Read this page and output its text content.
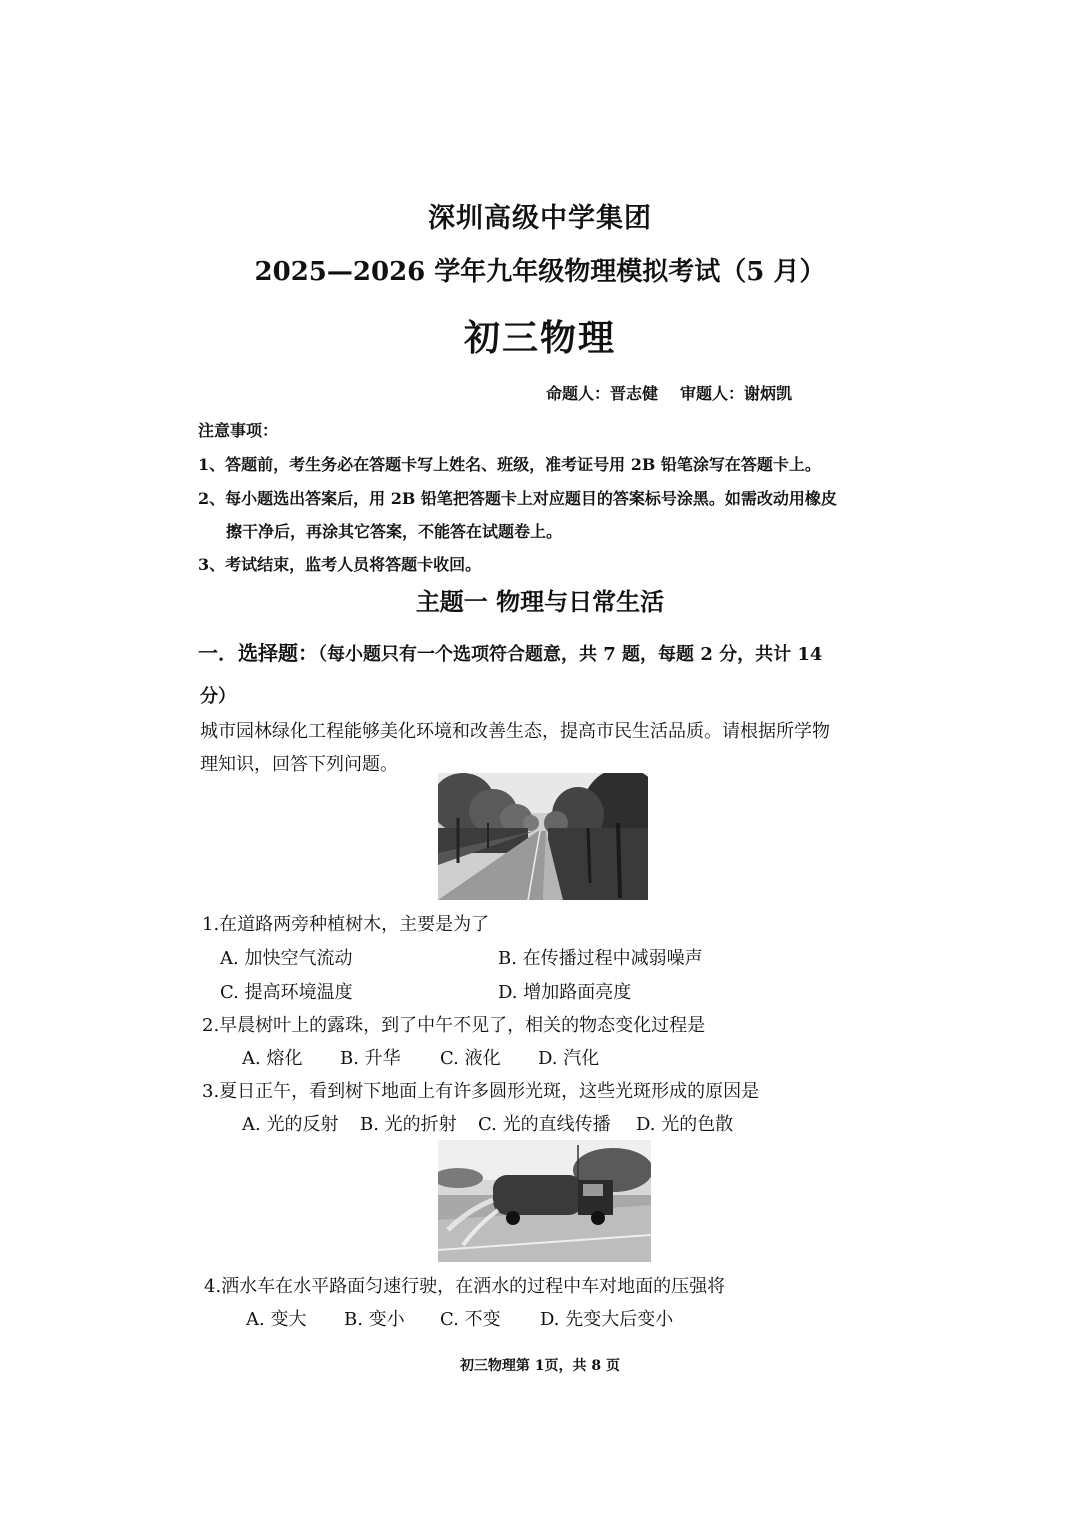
深圳高级中学集团
2025—2026 学年九年级物理模拟考试（5 月）
初三物理
命题人：晋志健 审题人：谢炳凯
注意事项：
1、答题前，考生务必在答题卡写上姓名、班级，准考证号用 2B 铅笔涂写在答题卡上。
2、每小题选出答案后，用 2B 铅笔把答题卡上对应题目的答案标号涂黑。如需改动用橡皮
擦干净后，再涂其它答案，不能答在试题卷上。
3、考试结束，监考人员将答题卡收回。
主题一 物理与日常生活
一．选择题：（每小题只有一个选项符合题意，共 7 题，每题 2 分，共计 14
分）
城市园林绿化工程能够美化环境和改善生态，提高市民生活品质。请根据所学物
理知识，回答下列问题。
1.在道路两旁种植树木，主要是为了
A. 加快空气流动	B. 在传播过程中减弱噪声
C. 提高环境温度	D. 增加路面亮度
2.早晨树叶上的露珠，到了中午不见了，相关的物态变化过程是
A. 熔化 B. 升华 C. 液化 D. 汽化
3.夏日正午，看到树下地面上有许多圆形光斑，这些光斑形成的原因是
A. 光的反射 B. 光的折射 C. 光的直线传播 D. 光的色散
4.洒水车在水平路面匀速行驶，在洒水的过程中车对地面的压强将
A. 变大 B. 变小 C. 不变 D. 先变大后变小
初三物理第 1页，共 8 页
